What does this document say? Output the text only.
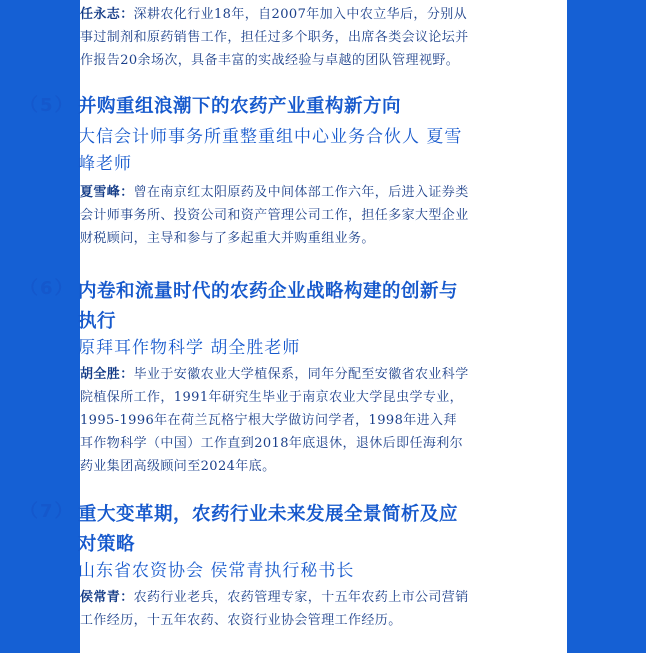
任永志：深耕农化行业18年，自2007年加入中农立华后，分别从事过制剂和原药销售工作，担任过多个职务，出席各类会议论坛并作报告20余场次，具备丰富的实战经验与卓越的团队管理视野。
（5） 并购重组浪潮下的农药产业重构新方向
大信会计师事务所重整重组中心业务合伙人 夏雪峰老师
夏雪峰：曾在南京红太阳原药及中间体部工作六年，后进入证券类会计师事务所、投资公司和资产管理公司工作，担任多家大型企业财税顾问，主导和参与了多起重大并购重组业务。
（6） 内卷和流量时代的农药企业战略构建的创新与执行
原拜耳作物科学 胡全胜老师
胡全胜：毕业于安徽农业大学植保系，同年分配至安徽省农业科学院植保所工作，1991年研究生毕业于南京农业大学昆虫学专业，1995-1996年在荷兰瓦格宁根大学做访问学者，1998年进入拜耳作物科学（中国）工作直到2018年底退休，退休后即任海利尔药业集团高级顾问至2024年底。
（7） 重大变革期，农药行业未来发展全景简析及应对策略
山东省农资协会 侯常青执行秘书长
侯常青：农药行业老兵，农药管理专家，十五年农药上市公司营销工作经历，十五年农药、农资行业协会管理工作经历。
